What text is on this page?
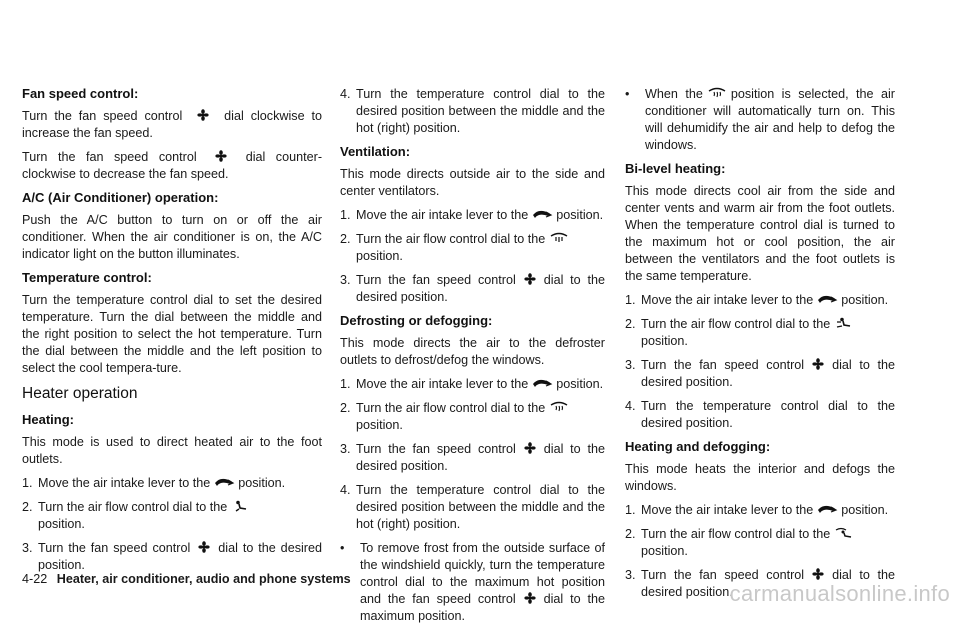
Fan speed control:
Turn the fan speed control	dial clockwise to increase the fan speed.
Turn the fan speed control	dial counter-clockwise to decrease the fan speed.
A/C (Air Conditioner) operation:
Push the A/C button to turn on or off the air conditioner. When the air conditioner is on, the A/C indicator light on the button illuminates.
Temperature control:
Turn the temperature control dial to set the desired temperature. Turn the dial between the middle and the right position to select the hot temperature. Turn the dial between the middle and the left position to select the cool tempera-ture.
Heater operation
Heating:
This mode is used to direct heated air to the foot outlets.
1. Move the air intake lever to the position.
2. Turn the air flow control dial to the

position.
3. Turn the fan speed control dial to the desired position.
4. Turn the temperature control dial to the desired position between the middle and the hot (right) position.
Ventilation:
This mode directs outside air to the side and center ventilators.
1. Move the air intake lever to the position.
2. Turn the air flow control dial to the

position.
3. Turn the fan speed control dial to the desired position.
Defrosting or defogging:
This mode directs the air to the defroster outlets to defrost/defog the windows.
1. Move the air intake lever to the position.
2. Turn the air flow control dial to the

position.
3. Turn the fan speed control dial to the desired position.
4. Turn the temperature control dial to the desired position between the middle and the hot (right) position.
•	To remove frost from the outside surface of the windshield quickly, turn the temperature control dial to the maximum hot position and the fan speed control dial to the maximum position.
•	When the position is selected, the air conditioner will automatically turn on. This will dehumidify the air and help to defog the windows.
Bi-level heating:
This mode directs cool air from the side and center vents and warm air from the foot outlets. When the temperature control dial is turned to the maximum hot or cool position, the air between the ventilators and the foot outlets is the same temperature.
1. Move the air intake lever to the position.
2. Turn the air flow control dial to the

position.
3. Turn the fan speed control dial to the desired position.
4. Turn the temperature control dial to the desired position.
Heating and defogging:
This mode heats the interior and defogs the windows.
1. Move the air intake lever to the position.
2. Turn the air flow control dial to the

position.
3. Turn the fan speed control dial to the desired position.
4-22 Heater, air conditioner, audio and phone systems
carmanualsonline.info
